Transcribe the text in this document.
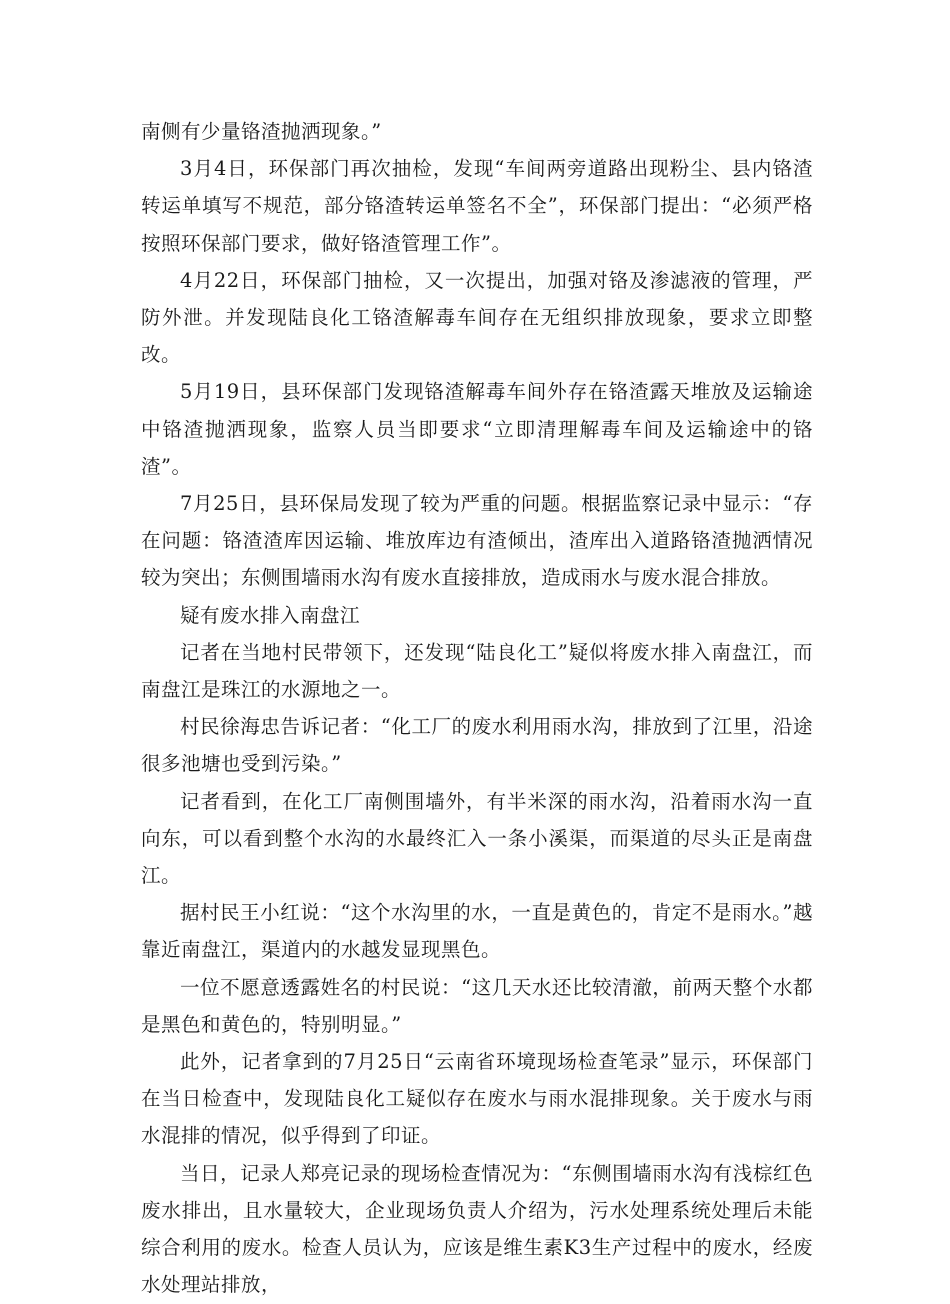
南侧有少量铬渣抛洒现象。”

3月4日，环保部门再次抽检，发现“车间两旁道路出现粉尘、县内铬渣转运单填写不规范，部分铬渣转运单签名不全”，环保部门提出：“必须严格按照环保部门要求，做好铬渣管理工作”。

4月22日，环保部门抽检，又一次提出，加强对铬及渗滤液的管理，严防外泄。并发现陆良化工铬渣解毒车间存在无组织排放现象，要求立即整改。

5月19日，县环保部门发现铬渣解毒车间外存在铬渣露天堆放及运输途中铬渣抛洒现象，监察人员当即要求“立即清理解毒车间及运输途中的铬渣”。

7月25日，县环保局发现了较为严重的问题。根据监察记录中显示：“存在问题：铬渣渣库因运输、堆放库边有渣倾出，渣库出入道路铬渣抛洒情况较为突出；东侧围墙雨水沟有废水直接排放，造成雨水与废水混合排放。

疑有废水排入南盘江

记者在当地村民带领下，还发现“陆良化工”疑似将废水排入南盘江，而南盘江是珠江的水源地之一。

村民徐海忠告诉记者：“化工厂的废水利用雨水沟，排放到了江里，沿途很多池塘也受到污染。”

记者看到，在化工厂南侧围墙外，有半米深的雨水沟，沿着雨水沟一直向东，可以看到整个水沟的水最终汇入一条小溪渠，而渠道的尽头正是南盘江。

据村民王小红说：“这个水沟里的水，一直是黄色的，肯定不是雨水。”越靠近南盘江，渠道内的水越发显现黑色。

一位不愿意透露姓名的村民说：“这几天水还比较清澈，前两天整个水都是黑色和黄色的，特别明显。”

此外，记者拿到的7月25日“云南省环境现场检查笔录”显示，环保部门在当日检查中，发现陆良化工疑似存在废水与雨水混排现象。关于废水与雨水混排的情况，似乎得到了印证。

当日，记录人郑亮记录的现场检查情况为：“东侧围墙雨水沟有浅棕红色废水排出，且水量较大，企业现场负责人介绍为，污水处理系统处理后未能综合利用的废水。检查人员认为，应该是维生素K3生产过程中的废水，经废水处理站排放，
